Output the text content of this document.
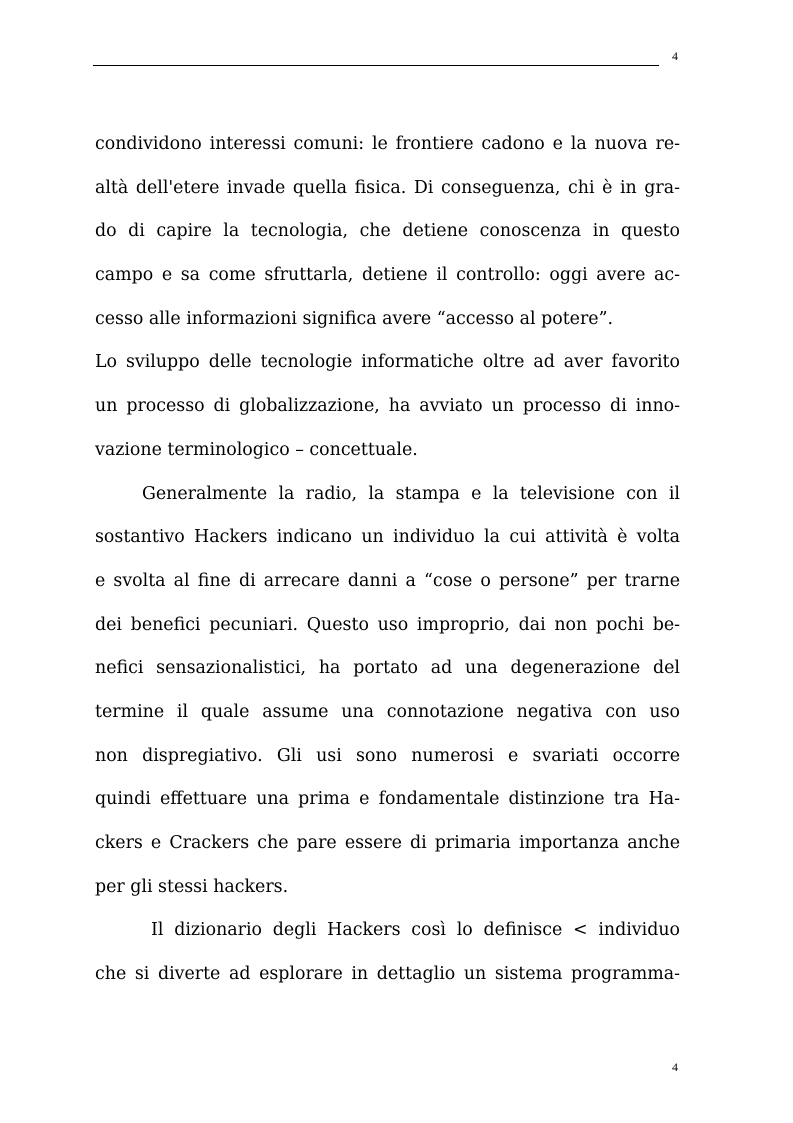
4
condividono interessi comuni: le frontiere cadono e la nuova re-
altà dell'etere invade quella fisica. Di conseguenza, chi è in gra-
do di capire la tecnologia, che detiene conoscenza in questo
campo e sa come sfruttarla, detiene il controllo: oggi avere ac-
cesso alle informazioni significa avere “accesso al potere”.
Lo sviluppo delle tecnologie informatiche oltre ad aver favorito
un processo di globalizzazione, ha avviato un processo di inno-
vazione terminologico – concettuale.
Generalmente la radio, la stampa e la televisione con il
sostantivo Hackers indicano un individuo la cui attività è volta
e svolta al fine di arrecare danni a “cose o persone” per trarne
dei benefici pecuniari. Questo uso improprio, dai non pochi be-
nefici sensazionalistici, ha portato ad una degenerazione del
termine il quale assume una connotazione negativa con uso
non dispregiativo. Gli usi sono numerosi e svariati occorre
quindi effettuare una prima e fondamentale distinzione tra Ha-
ckers e Crackers che pare essere di primaria importanza anche
per gli stessi hackers.
Il dizionario degli Hackers così lo definisce < individuo
che si diverte ad esplorare in dettaglio un sistema programma-
4
